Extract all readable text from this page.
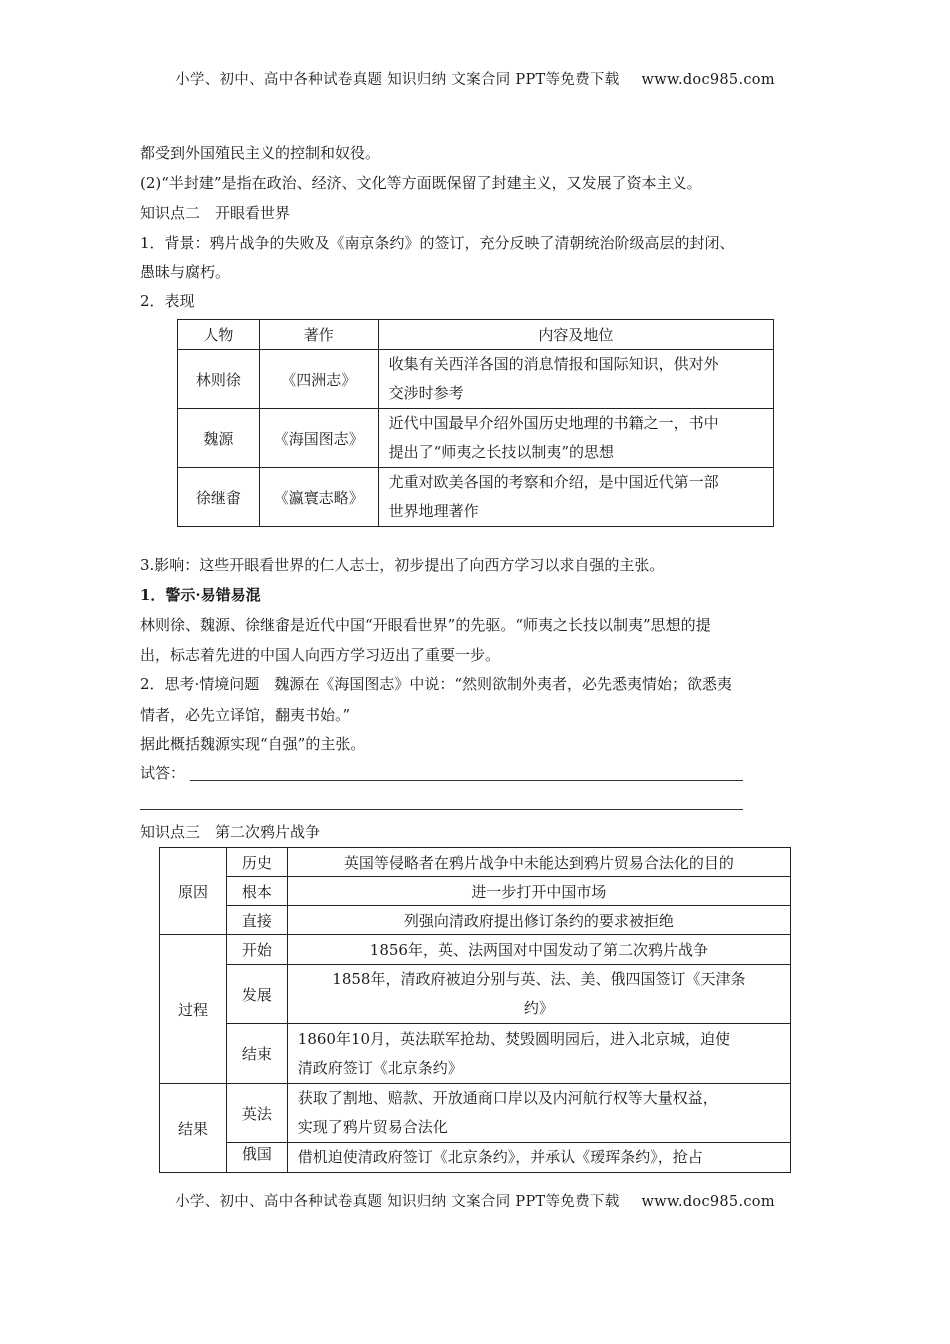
小学、初中、高中各种试卷真题 知识归纳 文案合同 PPT等免费下载 www.doc985.com
都受到外国殖民主义的控制和奴役。
(2)“半封建”是指在政治、经济、文化等方面既保留了封建主义，又发展了资本主义。
知识点二　开眼看世界
1．背景：鸦片战争的失败及《南京条约》的签订，充分反映了清朝统治阶级高层的封闭、
愚昧与腐朽。
2．表现
人物	著作	内容及地位
林则徐	《四洲志》	收集有关西洋各国的消息情报和国际知识，供对外
交涉时参考

魏源	《海国图志》	近代中国最早介绍外国历史地理的书籍之一，书中
提出了“师夷之长技以制夷”的思想

徐继畬	《瀛寰志略》	尤重对欧美各国的考察和介绍，是中国近代第一部
世界地理著作
3.影响：这些开眼看世界的仁人志士，初步提出了向西方学习以求自强的主张。
1．警示·易错易混
林则徐、魏源、徐继畬是近代中国“开眼看世界”的先驱。“师夷之长技以制夷”思想的提
出，标志着先进的中国人向西方学习迈出了重要一步。
2．思考·情境问题　魏源在《海国图志》中说：“然则欲制外夷者，必先悉夷情始；欲悉夷
情者，必先立译馆，翻夷书始。”
据此概括魏源实现“自强”的主张。
试答：
知识点三　第二次鸦片战争
原因	历史	英国等侵略者在鸦片战争中未能达到鸦片贸易合法化的目的
	根本	进一步打开中国市场
	直接	列强向清政府提出修订条约的要求被拒绝
过程	开始	1856年，英、法两国对中国发动了第二次鸦片战争
	发展	1858年，清政府被迫分别与英、法、美、俄四国签订《天津条
约》

	结束	1860年10月，英法联军抢劫、焚毁圆明园后，进入北京城，迫使
清政府签订《北京条约》

结果	英法	获取了割地、赔款、开放通商口岸以及内河航行权等大量权益，
实现了鸦片贸易合法化

	俄国	借机迫使清政府签订《北京条约》，并承认《瑷珲条约》，抢占
小学、初中、高中各种试卷真题 知识归纳 文案合同 PPT等免费下载 www.doc985.com
